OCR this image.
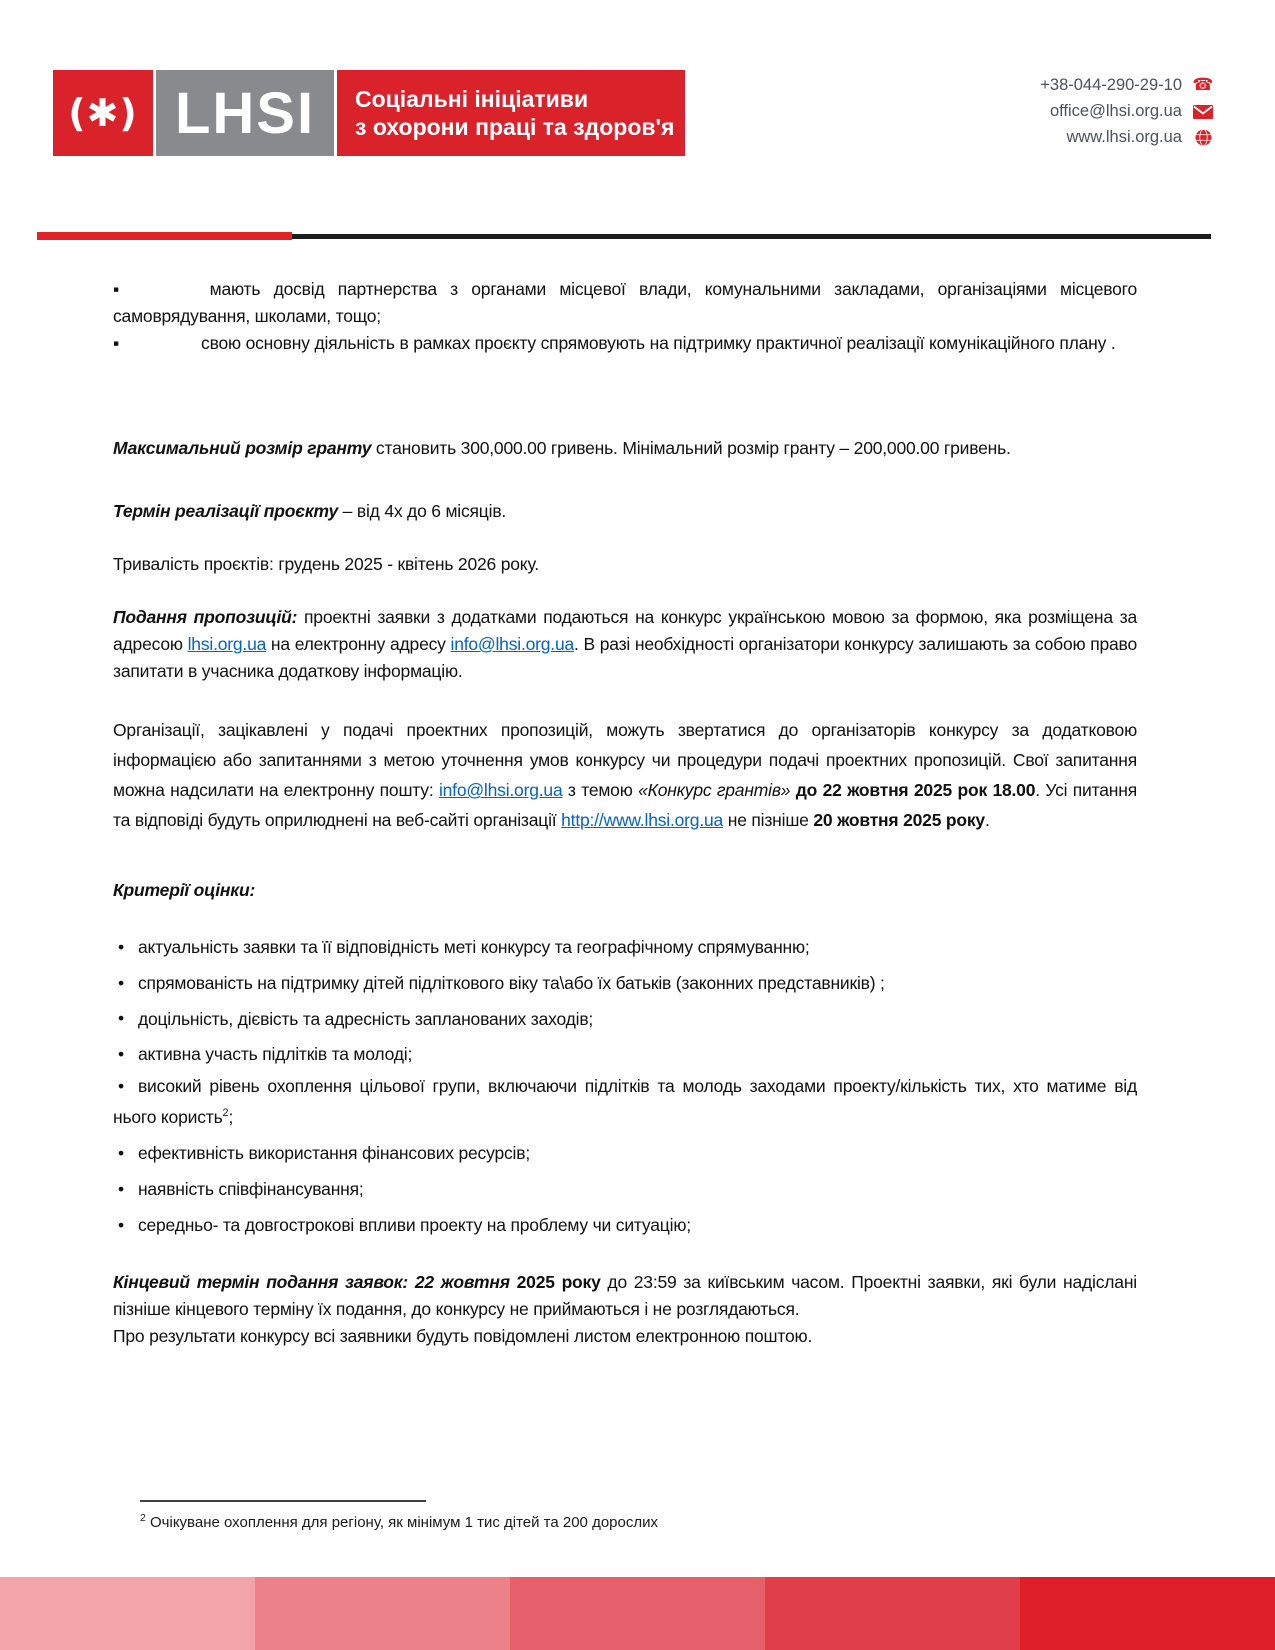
(✱) LHSI Соціальні ініціативи
з охорони праці та здоров'я
+38-044-290-29-10 ☎
office@lhsi.org.ua
www.lhsi.org.ua

▪	мають досвід партнерства з органами місцевої влади, комунальними закладами, організаціями місцевого самоврядування, школами, тощо;

▪	свою основну діяльність в рамках проєкту спрямовують на підтримку практичної реалізації комунікаційного плану .

Максимальний розмір гранту становить 300,000.00 гривень. Мінімальний розмір гранту – 200,000.00 гривень.

Термін реалізації проєкту – від 4х до 6 місяців.

Тривалість проєктів: грудень 2025 - квітень 2026 року.

Подання пропозицій: проектні заявки з додатками подаються на конкурс українською мовою за формою, яка розміщена за адресою lhsi.org.ua на електронну адресу info@lhsi.org.ua. В разі необхідності організатори конкурсу залишають за собою право запитати в учасника додаткову інформацію.

Організації, зацікавлені у подачі проектних пропозицій, можуть звертатися до організаторів конкурсу за додатковою інформацією або запитаннями з метою уточнення умов конкурсу чи процедури подачі проектних пропозицій. Свої запитання можна надсилати на електронну пошту: info@lhsi.org.ua з темою «Конкурс грантів» до 22 жовтня 2025 рок 18.00. Усі питання та відповіді будуть оприлюднені на веб-сайті організації http://www.lhsi.org.ua не пізніше 20 жовтня 2025 року.

Критерії оцінки:

• актуальність заявки та її відповідність меті конкурсу та географічному спрямуванню;
• спрямованість на підтримку дітей підліткового віку та\або їх батьків (законних представників) ;
• доцільність, дієвість та адресність запланованих заходів;
• активна участь підлітків та молоді;
• високий рівень охоплення цільової групи, включаючи підлітків та молодь заходами проекту/кількість тих, хто матиме від нього користь$^2$;
• ефективність використання фінансових ресурсів;
• наявність співфінансування;
• середньо- та довгострокові впливи проекту на проблему чи ситуацію;

Кінцевий термін подання заявок: 22 жовтня 2025 року до 23:59 за київським часом. Проектні заявки, які були надіслані пізніше кінцевого терміну їх подання, до конкурсу не приймаються і не розглядаються.

Про результати конкурсу всі заявники будуть повідомлені листом електронною поштою.

$^2$ Очікуване охоплення для регіону, як мінімум 1 тис дітей та 200 дорослих
